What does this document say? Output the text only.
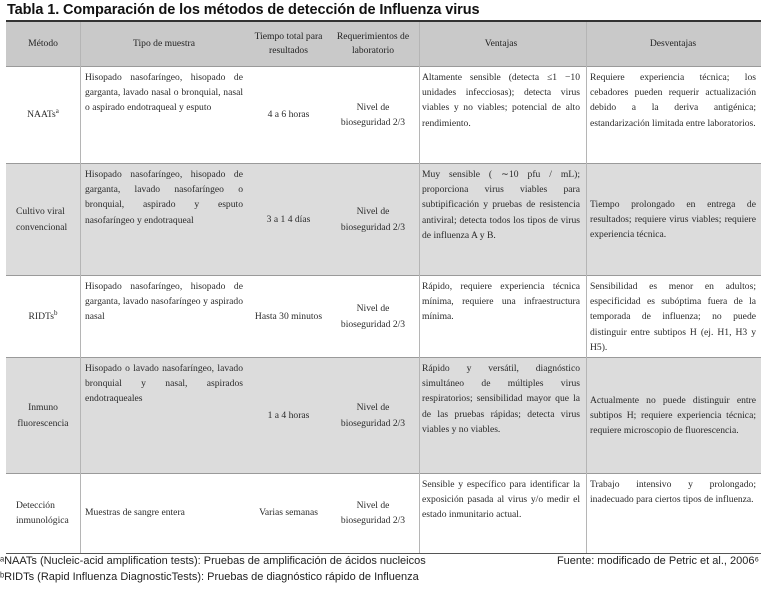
Tabla 1. Comparación de los métodos de detección de Influenza virus
Método	Tipo de muestra	Tiempo total para resultados	Requerimientos de laboratorio	Ventajas	Desventajas
NAATs$^a$	Hisopado nasofaríngeo, hisopado de garganta, lavado nasal o bronquial, nasal o aspirado endotraqueal y esputo	4 a 6 horas	Nivel de bioseguridad 2/3	Altamente sensible (detecta ≤1 −10 unidades infecciosas); detecta virus viables y no viables; potencial de alto rendimiento.	Requiere experiencia técnica; los cebadores pueden requerir actualización debido a la deriva antigénica; estandarización limitada entre laboratorios.
Cultivo viral convencional	Hisopado nasofaríngeo, hisopado de garganta, lavado nasofaríngeo o bronquial, aspirado y esputo nasofaríngeo y endotraqueal	3 a 1 4 días	Nivel de bioseguridad 2/3	Muy sensible ( ∼10 pfu / mL); proporciona virus viables para subtipificación y pruebas de resistencia antiviral; detecta todos los tipos de virus de influenza A y B.	Tiempo prolongado en entrega de resultados; requiere virus viables; requiere experiencia técnica.
RIDTs$^b$	Hisopado nasofaríngeo, hisopado de garganta, lavado nasofaríngeo y aspirado nasal	Hasta 30 minutos	Nivel de bioseguridad 2/3	Rápido, requiere experiencia técnica mínima, requiere una infraestructura mínima.	Sensibilidad es menor en adultos; especificidad es subóptima fuera de la temporada de influenza; no puede distinguir entre subtipos H (ej. H1, H3 y H5).
Inmuno fluorescencia	Hisopado o lavado nasofaríngeo, lavado bronquial y nasal, aspirados endotraqueales	1 a 4 horas	Nivel de bioseguridad 2/3	Rápido y versátil, diagnóstico simultáneo de múltiples virus respiratorios; sensibilidad mayor que la de las pruebas rápidas; detecta virus viables y no viables.	Actualmente no puede distinguir entre subtipos H; requiere experiencia técnica; requiere microscopio de fluorescencia.
Detección inmunológica	Muestras de sangre entera	Varias semanas	Nivel de bioseguridad 2/3	Sensible y específico para identificar la exposición pasada al virus y/o medir el estado inmunitario actual.	Trabajo intensivo y prolongado; inadecuado para ciertos tipos de influenza.
ᵃNAATs (Nucleic-acid amplification tests): Pruebas de amplificación de ácidos nucleicos
ᵇRIDTs (Rapid Influenza DiagnosticTests): Pruebas de diagnóstico rápido de Influenza
Fuente: modificado de Petric et al., 2006⁶
